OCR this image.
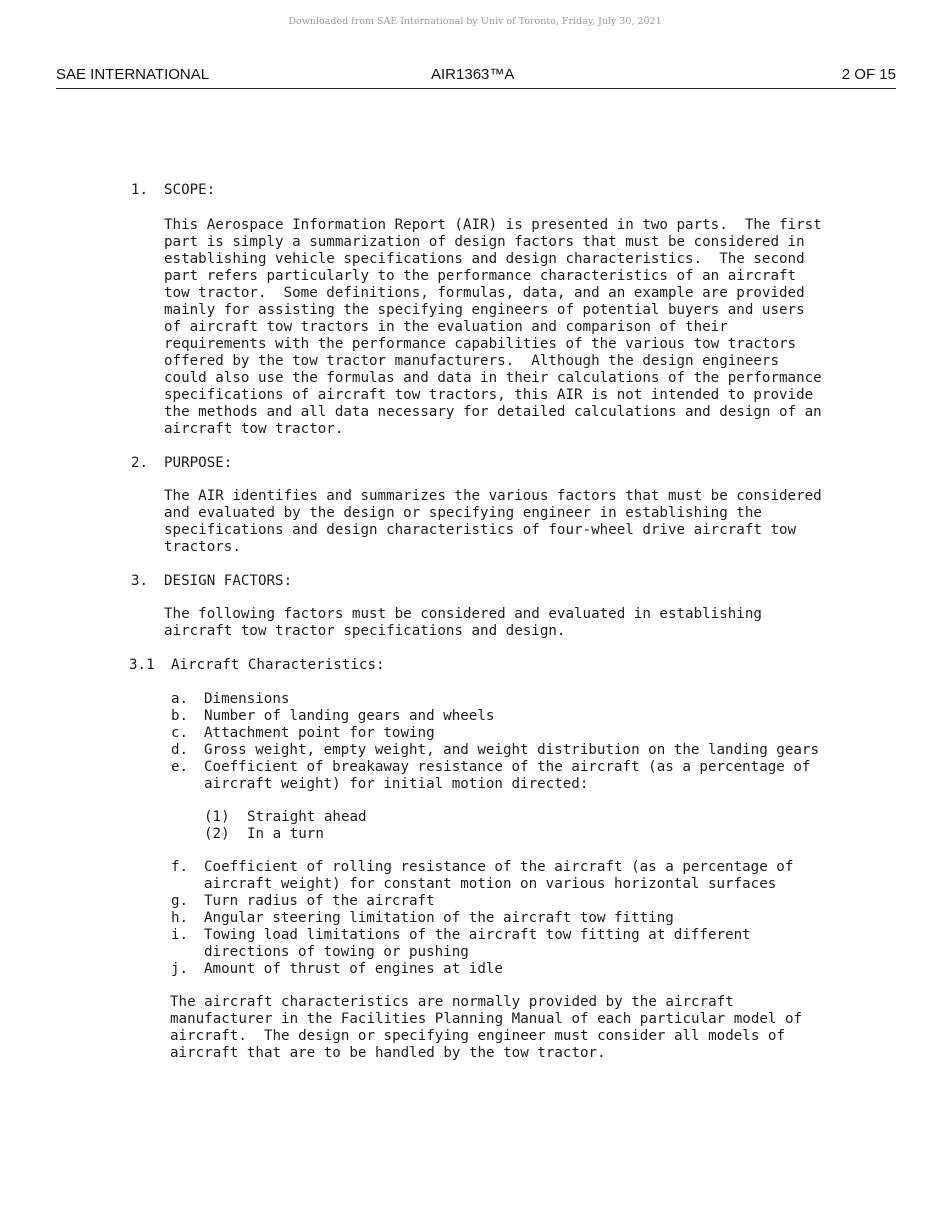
Downloaded from SAE International by Univ of Toronto, Friday, July 30, 2021
SAE INTERNATIONAL	AIR1363™A	2 OF 15
1. SCOPE:
This Aerospace Information Report (AIR) is presented in two parts.  The first
part is simply a summarization of design factors that must be considered in
establishing vehicle specifications and design characteristics.  The second
part refers particularly to the performance characteristics of an aircraft
tow tractor.  Some definitions, formulas, data, and an example are provided
mainly for assisting the specifying engineers of potential buyers and users
of aircraft tow tractors in the evaluation and comparison of their
requirements with the performance capabilities of the various tow tractors
offered by the tow tractor manufacturers.  Although the design engineers
could also use the formulas and data in their calculations of the performance
specifications of aircraft tow tractors, this AIR is not intended to provide
the methods and all data necessary for detailed calculations and design of an
aircraft tow tractor.
2. PURPOSE:
The AIR identifies and summarizes the various factors that must be considered
and evaluated by the design or specifying engineer in establishing the
specifications and design characteristics of four-wheel drive aircraft tow
tractors.
3. DESIGN FACTORS:
The following factors must be considered and evaluated in establishing
aircraft tow tractor specifications and design.
3.1 Aircraft Characteristics:
a. Dimensions
b. Number of landing gears and wheels
c. Attachment point for towing
d. Gross weight, empty weight, and weight distribution on the landing gears
e. Coefficient of breakaway resistance of the aircraft (as a percentage of
aircraft weight) for initial motion directed:
(1) Straight ahead
(2) In a turn
f. Coefficient of rolling resistance of the aircraft (as a percentage of
aircraft weight) for constant motion on various horizontal surfaces
g. Turn radius of the aircraft
h. Angular steering limitation of the aircraft tow fitting
i. Towing load limitations of the aircraft tow fitting at different
directions of towing or pushing
j. Amount of thrust of engines at idle
The aircraft characteristics are normally provided by the aircraft
manufacturer in the Facilities Planning Manual of each particular model of
aircraft.  The design or specifying engineer must consider all models of
aircraft that are to be handled by the tow tractor.
